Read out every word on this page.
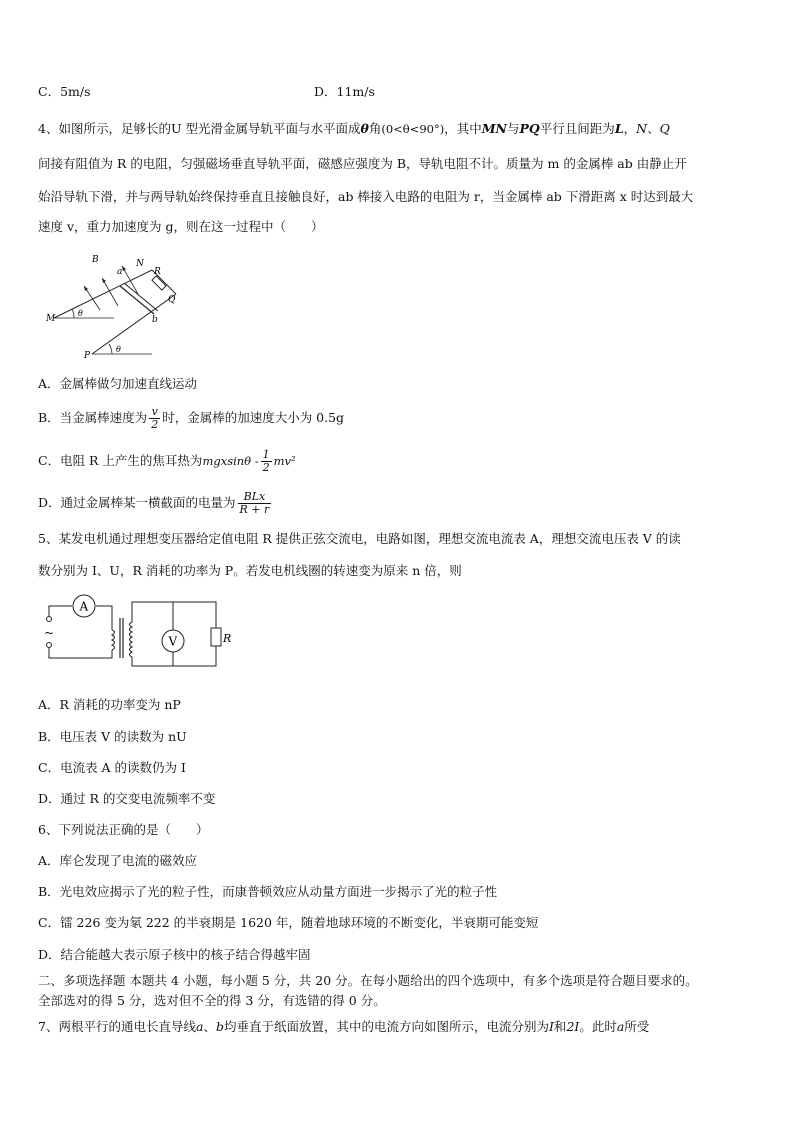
C．5m/s	D．11m/s
4、如图所示，足够长的U 型光滑金属导轨平面与水平面成θ角(0<θ<90°)，其中MN与PQ平行且间距为L，N、Q
间接有阻值为 R 的电阻，匀强磁场垂直导轨平面，磁感应强度为 B，导轨电阻不计。质量为 m 的金属棒 ab 由静止开
始沿导轨下滑，并与两导轨始终保持垂直且接触良好，ab 棒接入电路的电阻为 r，当金属棒 ab 下滑距离 x 时达到最大
速度 v，重力加速度为 g，则在这一过程中（　　）
B
a
N
R
Q
M
θ
b
P
θ
A．金属棒做匀加速直线运动
B．当金属棒速度为 $\frac{v}{2}$ 时，金属棒的加速度大小为 0.5g
C．电阻 R 上产生的焦耳热为mgxsinθ - $\frac{1}{2} mv^2$
D．通过金属棒某一横截面的电量为 $\frac{\text{BLx}}{R + r}$
5、某发电机通过理想变压器给定值电阻 R 提供正弦交流电，电路如图，理想交流电流表 A，理想交流电压表 V 的读
数分别为 I、U，R 消耗的功率为 P。若发电机线圈的转速变为原来 n 倍，则
~
A
V	R
A．R 消耗的功率变为 nP
B．电压表 V 的读数为 nU
C．电流表 A 的读数仍为 I
D．通过 R 的交变电流频率不变
6、下列说法正确的是（　　）
A．库仑发现了电流的磁效应
B．光电效应揭示了光的粒子性，而康普顿效应从动量方面进一步揭示了光的粒子性
C．镭 226 变为氡 222 的半衰期是 1620 年，随着地球环境的不断变化，半衰期可能变短
D．结合能越大表示原子核中的核子结合得越牢固
二、多项选择题 本题共 4 小题，每小题 5 分，共 20 分。在每小题给出的四个选项中，有多个选项是符合题目要求的。
全部选对的得 5 分，选对但不全的得 3 分，有选错的得 0 分。
7、两根平行的通电长直导线a、b均垂直于纸面放置，其中的电流方向如图所示，电流分别为I和2I。此时a所受
